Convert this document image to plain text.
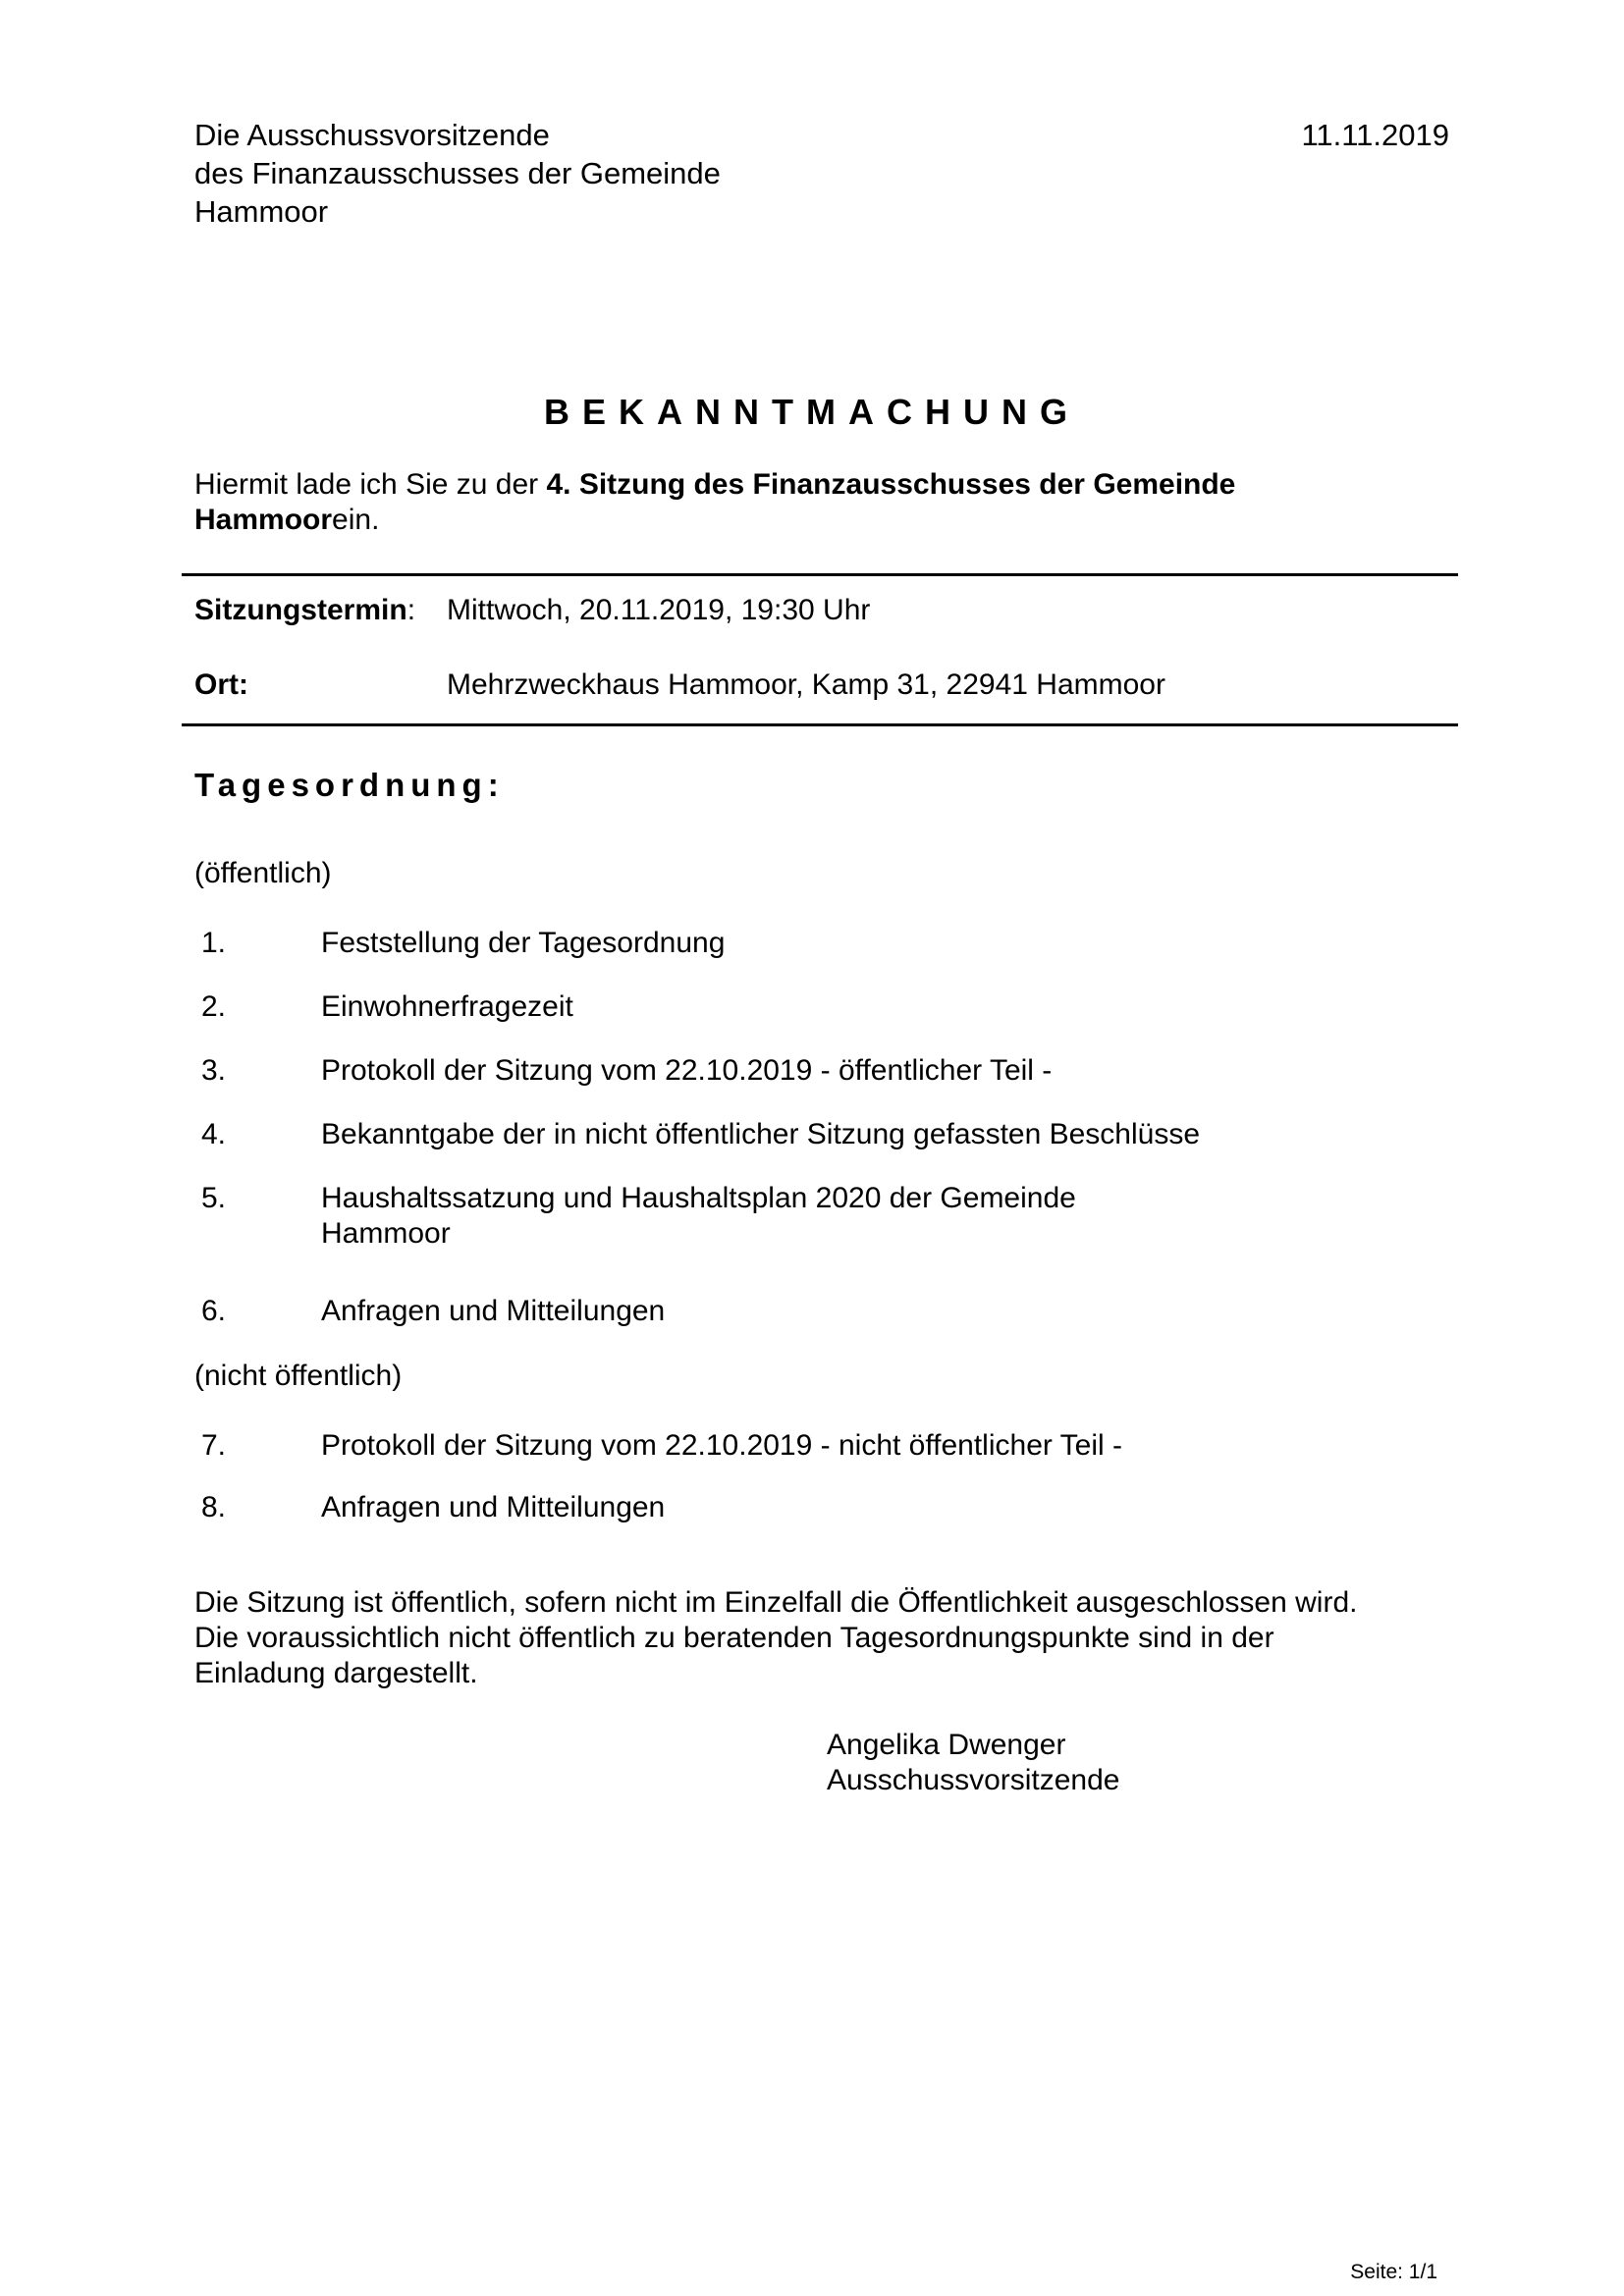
Die Ausschussvorsitzende
des Finanzausschusses der Gemeinde
Hammoor
11.11.2019
BEKANNTMACHUNG
Hiermit lade ich Sie zu der 4. Sitzung des Finanzausschusses der Gemeinde Hammoorein.
Sitzungstermin: Mittwoch, 20.11.2019, 19:30 Uhr
Ort:	Mehrzweckhaus Hammoor, Kamp 31, 22941 Hammoor
Tagesordnung:
(öffentlich)
1.	Feststellung der Tagesordnung
2.	Einwohnerfragezeit
3.	Protokoll der Sitzung vom 22.10.2019 - öffentlicher Teil -
4.	Bekanntgabe der in nicht öffentlicher Sitzung gefassten Beschlüsse
5.	Haushaltssatzung und Haushaltsplan 2020 der Gemeinde
Hammoor
6.	Anfragen und Mitteilungen
(nicht öffentlich)
7.	Protokoll der Sitzung vom 22.10.2019 - nicht öffentlicher Teil -
8.	Anfragen und Mitteilungen
Die Sitzung ist öffentlich, sofern nicht im Einzelfall die Öffentlichkeit ausgeschlossen wird.
Die voraussichtlich nicht öffentlich zu beratenden Tagesordnungspunkte sind in der
Einladung dargestellt.
Angelika Dwenger
Ausschussvorsitzende
Seite: 1/1
